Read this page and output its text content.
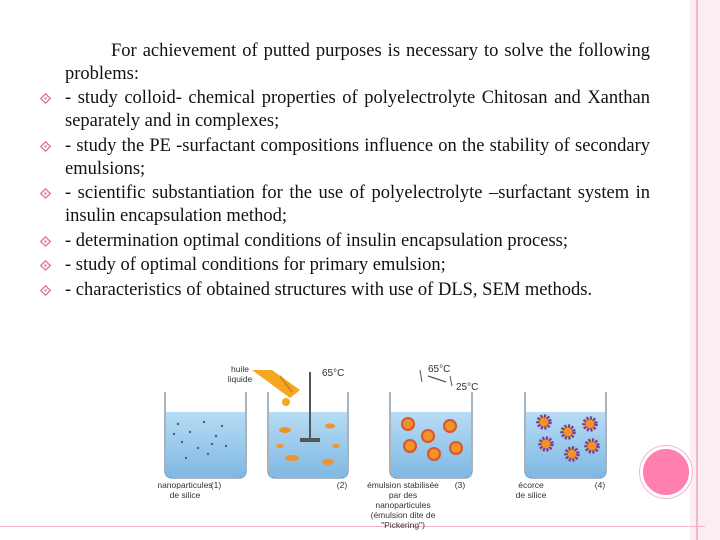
For achievement of putted purposes is necessary to solve the following problems:

- study colloid- chemical properties of polyelectrolyte Chitosan and Xanthan separately and in complexes;
- study the PE -surfactant compositions influence on the stability of secondary emulsions;
- scientific substantiation for the use of polyelectrolyte –surfactant system in insulin encapsulation method;
- determination optimal conditions of insulin encapsulation process;
- study of optimal conditions for primary emulsion;
- characteristics of obtained structures with use of DLS, SEM methods.
huile
liquide	65°C
nanoparticules
de silice
(1)	(2)
65°C
25°C
émulsion stabilisée
par des
nanoparticules
(émulsion dite de
"Pickering")
(3)	(4)
écorce
de silice
